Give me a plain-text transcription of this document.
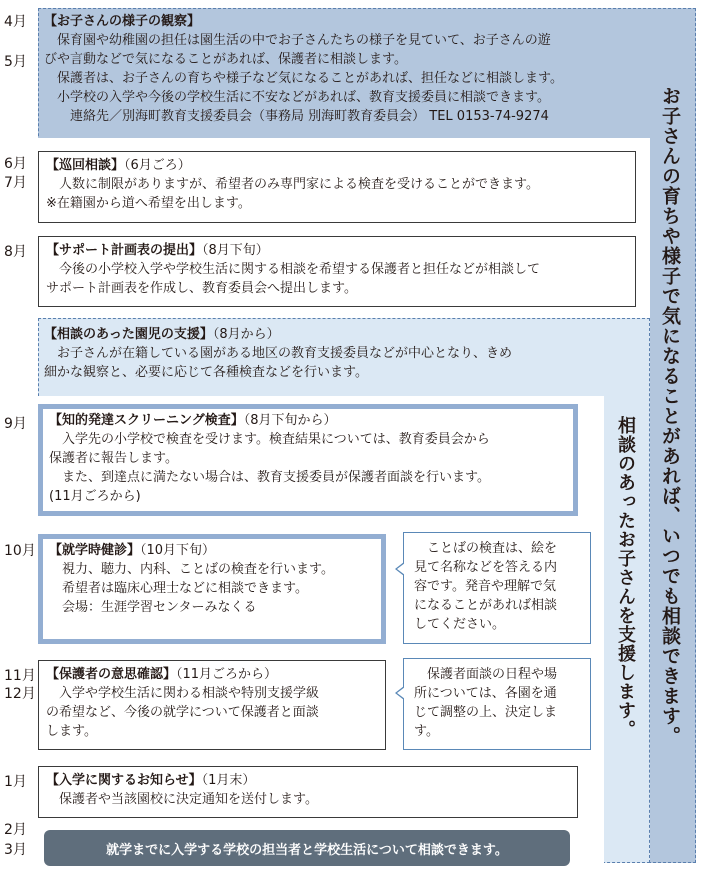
4月
5月
6月
7月
8月
9月
10月
11月
12月
1月
2月
3月
【お子さんの様子の観察】
保育園や幼稚園の担任は園生活の中でお子さんたちの様子を見ていて、お子さんの遊
びや言動などで気になることがあれば、保護者に相談します。
保護者は、お子さんの育ちや様子など気になることがあれば、担任などに相談します。
小学校の入学や今後の学校生活に不安などがあれば、教育支援委員に相談できます。
連絡先／別海町教育支援委員会（事務局 別海町教育委員会） TEL 0153-74-9274
【巡回相談】（6月ごろ）
人数に制限がありますが、希望者のみ専門家による検査を受けることができます。
※在籍園から道へ希望を出します。
【サポート計画表の提出】（8月下旬）
今後の小学校入学や学校生活に関する相談を希望する保護者と担任などが相談して
サポート計画表を作成し、教育委員会へ提出します。
【相談のあった園児の支援】（8月から）
お子さんが在籍している園がある地区の教育支援委員などが中心となり、きめ
細かな観察と、必要に応じて各種検査などを行います。
【知的発達スクリーニング検査】（8月下旬から）
入学先の小学校で検査を受けます。検査結果については、教育委員会から
保護者に報告します。
また、到達点に満たない場合は、教育支援委員が保護者面談を行います。
(11月ごろから)
【就学時健診】（10月下旬）
視力、聴力、内科、ことばの検査を行います。
希望者は臨床心理士などに相談できます。
会場：生涯学習センターみなくる
ことばの検査は、絵を
見て名称などを答える内
容です。発音や理解で気
になることがあれば相談
してください。
【保護者の意思確認】（11月ごろから）
入学や学校生活に関わる相談や特別支援学級
の希望など、今後の就学について保護者と面談
します。
保護者面談の日程や場
所については、各園を通
じて調整の上、決定しま
す。
【入学に関するお知らせ】（1月末）
保護者や当該園校に決定通知を送付します。
就学までに入学する学校の担当者と学校生活について相談できます。
お子さんの育ちや様子で気になることがあれば、いつでも相談できます。
相談のあったお子さんを支援します。
